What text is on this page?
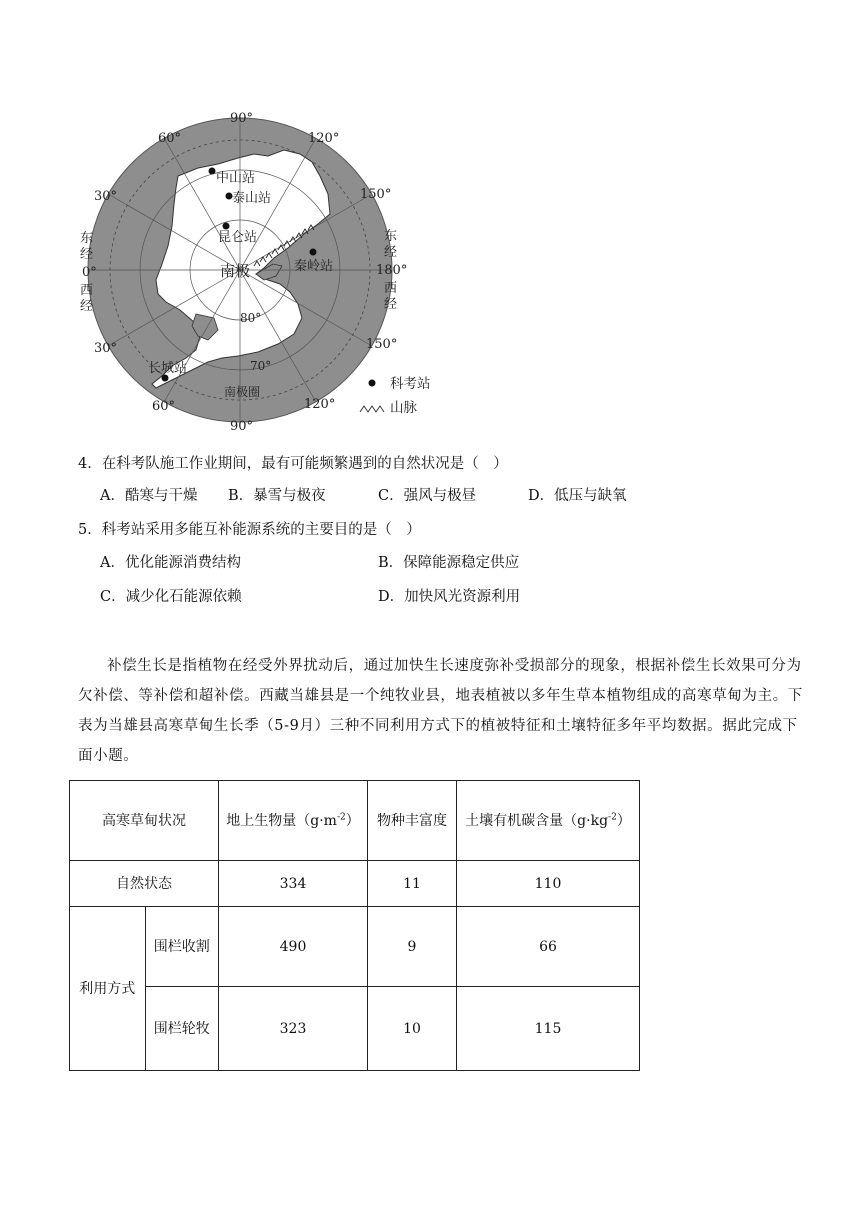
90°
60°	120°
30°	150°
东
经
0°
西
经
东
经
180°
西
经
30°	150°
60°	120°
90°
80°
70°
南极
南极圈
中山站
泰山站
昆仑站
秦岭站
长城站
科考站
山脉
4．在科考队施工作业期间，最有可能频繁遇到的自然状况是（　）
A．酷寒与干燥 B．暴雪与极夜	C．强风与极昼	D．低压与缺氧
5．科考站采用多能互补能源系统的主要目的是（　）
A．优化能源消费结构	B．保障能源稳定供应
C．减少化石能源依赖	D．加快风光资源利用
补偿生长是指植物在经受外界扰动后，通过加快生长速度弥补受损部分的现象，根据补偿生长效果可分为欠补偿、等补偿和超补偿。西藏当雄县是一个纯牧业县，地表植被以多年生草本植物组成的高寒草甸为主。下表为当雄县高寒草甸生长季（5-9月）三种不同利用方式下的植被特征和土壤特征多年平均数据。据此完成下面小题。
高寒草甸状况		地上生物量$(g\cdot m^{-2})$	物种丰富度	土壤有机碳含量$(g\cdot kg^{-2})$
自然状态		334	11	110
利用方式	围栏收割	490	9	66
	围栏轮牧	323	10	115
